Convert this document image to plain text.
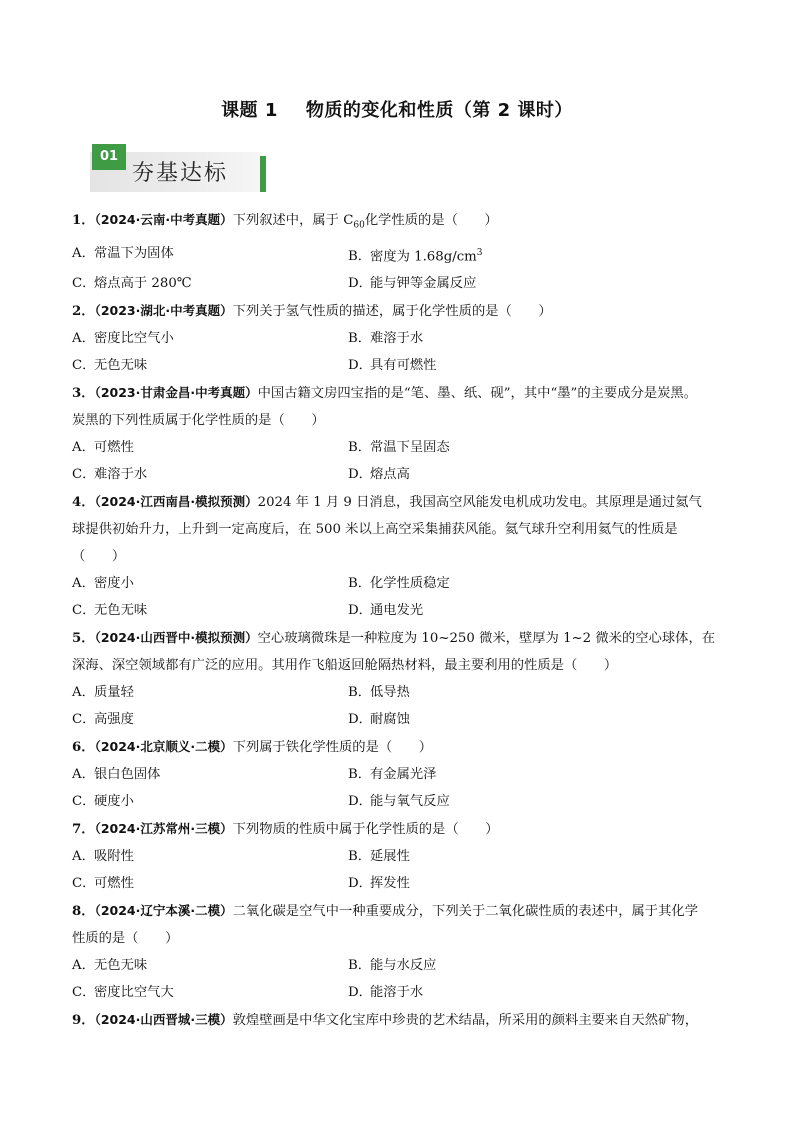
课题 1 物质的变化和性质（第 2 课时）
01
夯基达标
1．（2024·云南·中考真题）下列叙述中，属于 $C_{60}$化学性质的是（　　）
A．常温下为固体	B．密度为 $1.68g/cm^3$
C．熔点高于 280℃	D．能与钾等金属反应
2．（2023·湖北·中考真题）下列关于氢气性质的描述，属于化学性质的是（　　）
A．密度比空气小	B．难溶于水
C．无色无味	D．具有可燃性
3．（2023·甘肃金昌·中考真题）中国古籍文房四宝指的是“笔、墨、纸、砚”，其中“墨”的主要成分是炭黑。
炭黑的下列性质属于化学性质的是（　　）
A．可燃性	B．常温下呈固态
C．难溶于水	D．熔点高
4．（2024·江西南昌·模拟预测）2024 年 1 月 9 日消息，我国高空风能发电机成功发电。其原理是通过氦气
球提供初始升力，上升到一定高度后，在 500 米以上高空采集捕获风能。氦气球升空利用氦气的性质是
（　　）
A．密度小	B．化学性质稳定
C．无色无味	D．通电发光
5．（2024·山西晋中·模拟预测）空心玻璃微珠是一种粒度为 10~250 微米，壁厚为 1~2 微米的空心球体，在
深海、深空领域都有广泛的应用。其用作飞船返回舱隔热材料，最主要利用的性质是（　　）
A．质量轻	B．低导热
C．高强度	D．耐腐蚀
6．（2024·北京顺义·二模）下列属于铁化学性质的是（　　）
A．银白色固体	B．有金属光泽
C．硬度小	D．能与氧气反应
7．（2024·江苏常州·三模）下列物质的性质中属于化学性质的是（　　）
A．吸附性	B．延展性
C．可燃性	D．挥发性
8．（2024·辽宁本溪·二模）二氧化碳是空气中一种重要成分，下列关于二氧化碳性质的表述中，属于其化学
性质的是（　　）
A．无色无味	B．能与水反应
C．密度比空气大	D．能溶于水
9．（2024·山西晋城·三模）敦煌壁画是中华文化宝库中珍贵的艺术结晶，所采用的颜料主要来自天然矿物，
